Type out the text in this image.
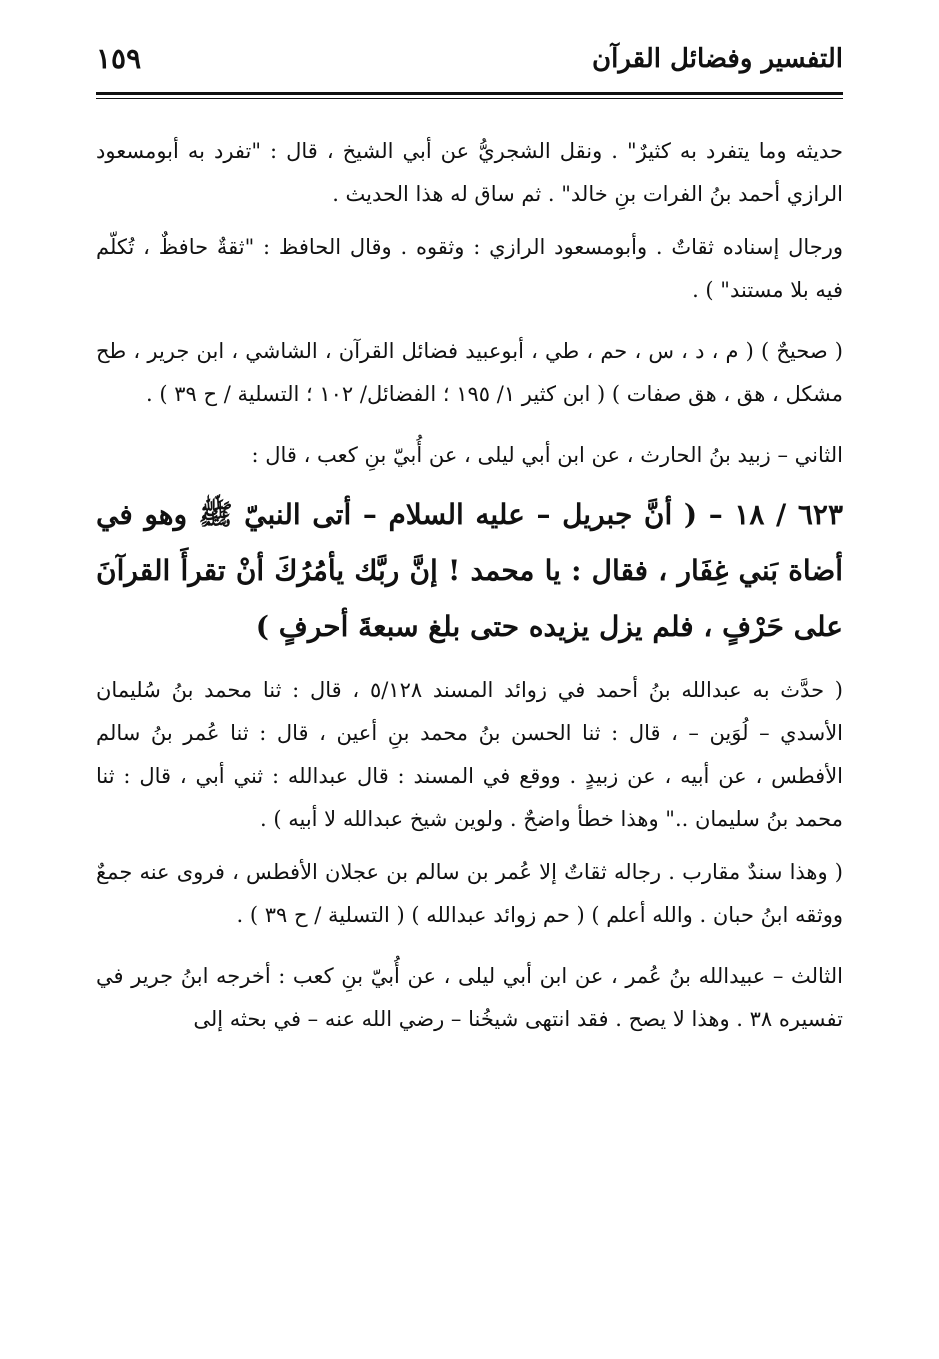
١٥٩	التفسير وفضائل القرآن

حديثه وما يتفرد به كثيرٌ" . ونقل الشجريُّ عن أبي الشيخ ، قال : "تفرد به أبومسعود الرازي أحمد بنُ الفرات بنِ خالد" . ثم ساق له هذا الحديث .

ورجال إسناده ثقاتٌ . وأبومسعود الرازي : وثقوه . وقال الحافظ : "ثقةٌ حافظٌ ، تُكلّم فيه بلا مستند" ) .

( صحيحٌ ) ( م ، د ، س ، حم ، طي ، أبوعبيد فضائل القرآن ، الشاشي ، ابن جرير ، طح مشكل ، هق ، هق صفات ) ( ابن كثير ١/ ١٩٥ ؛ الفضائل/ ١٠٢ ؛ التسلية / ح ٣٩ ) .

الثاني – زبيد بنُ الحارث ، عن ابن أبي ليلى ، عن أُبيّ بنِ كعب ، قال :

٦٢٣ / ١٨ – ( أنَّ جبريل – عليه السلام – أتى النبيّ ﷺ وهو في أضاة بَني غِفَار ، فقال : يا محمد ! إنَّ ربَّك يأمُرُكَ أنْ تقرأَ القرآنَ على حَرْفٍ ، فلم يزل يزيده حتى بلغ سبعةَ أحرفٍ )

( حدَّث به عبدالله بنُ أحمد في زوائد المسند ٥/١٢٨ ، قال : ثنا محمد بنُ سُليمان الأسدي – لُوَين – ، قال : ثنا الحسن بنُ محمد بنِ أعين ، قال : ثنا عُمر بنُ سالم الأفطس ، عن أبيه ، عن زبيدٍ . ووقع في المسند : قال عبدالله : ثني أبي ، قال : ثنا محمد بنُ سليمان .." وهذا خطأ واضحٌ . ولوين شيخ عبدالله لا أبيه ) .

( وهذا سندٌ مقارب . رجاله ثقاتٌ إلا عُمر بن سالم بن عجلان الأفطس ، فروى عنه جمعٌ ووثقه ابنُ حبان . والله أعلم ) ( حم زوائد عبدالله ) ( التسلية / ح ٣٩ ) .

الثالث – عبيدالله بنُ عُمر ، عن ابن أبي ليلى ، عن أُبيّ بنِ كعب : أخرجه ابنُ جرير في تفسيره ٣٨ . وهذا لا يصح . فقد انتهى شيخُنا – رضي الله عنه – في بحثه إلى
